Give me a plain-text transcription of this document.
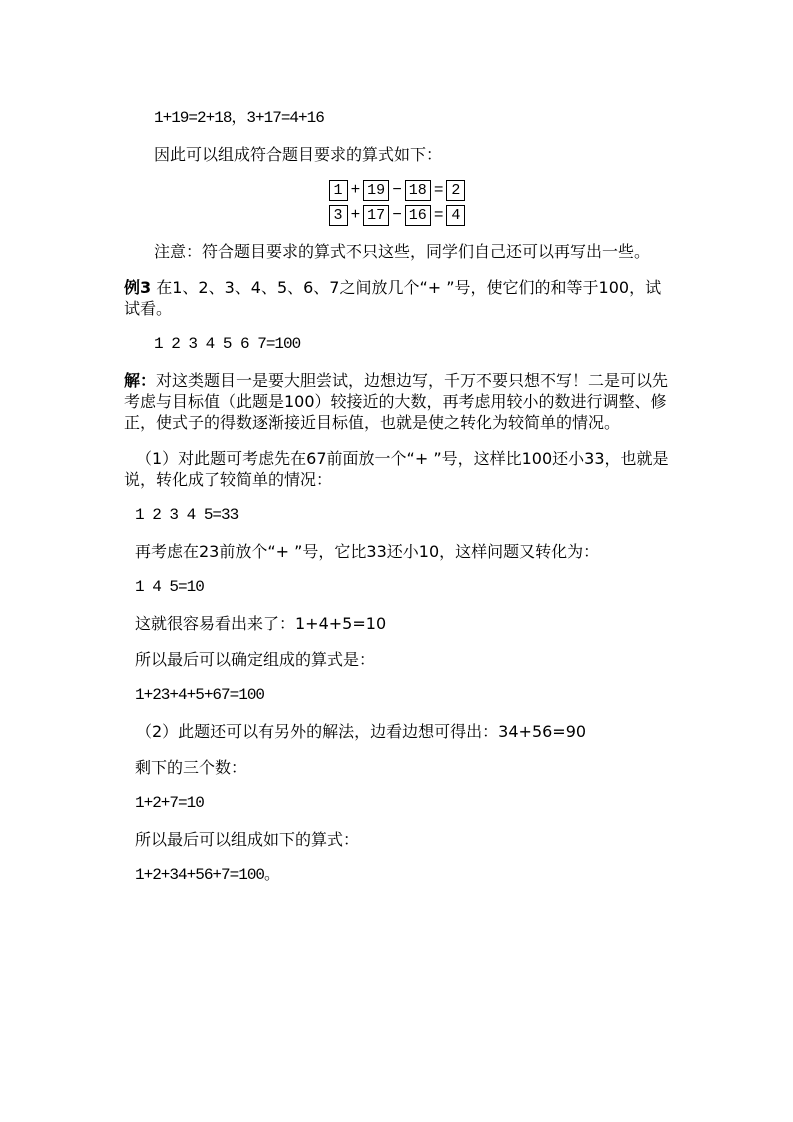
1+19=2+18，3+17=4+16

因此可以组成符合题目要求的算式如下：

1 + 19 − 18 = 2
3 + 17 − 16 = 4

注意：符合题目要求的算式不只这些，同学们自己还可以再写出一些。

例3 在1、2、3、4、5、6、7之间放几个“+ ”号，使它们的和等于100，试试看。

1 2 3 4 5 6 7=100

解：对这类题目一是要大胆尝试，边想边写，千万不要只想不写！二是可以先考虑与目标值（此题是100）较接近的大数，再考虑用较小的数进行调整、修正，使式子的得数逐渐接近目标值，也就是使之转化为较简单的情况。

（1）对此题可考虑先在67前面放一个“+ ”号，这样比100还小33，也就是说，转化成了较简单的情况：

1 2 3 4 5=33

再考虑在23前放个“+ ”号，它比33还小10，这样问题又转化为：

1 4 5=10

这就很容易看出来了：1+4+5=10

所以最后可以确定组成的算式是：

1+23+4+5+67=100

（2）此题还可以有另外的解法，边看边想可得出：34+56=90

剩下的三个数：

1+2+7=10

所以最后可以组成如下的算式：

1+2+34+56+7=100。
